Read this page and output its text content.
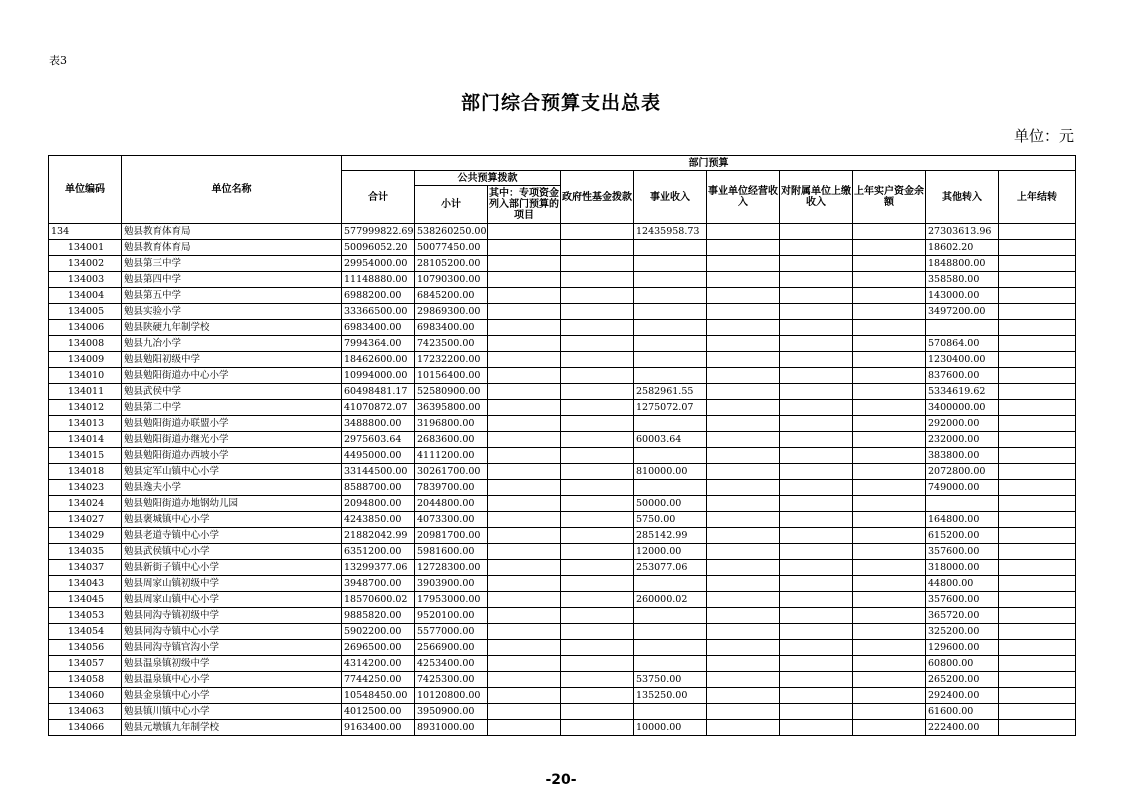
表3
部门综合预算支出总表
单位：元
单位编码	单位名称	部门预算									
		合计	公共预算拨款		政府性基金拨款	事业收入	事业单位经营收入	对附属单位上缴收入	上年实户资金余额	其他转入	上年结转
			小计	其中：专项资金列入部门预算的项目							
134	勉县教育体育局	577999822.69	538260250.00			12435958.73				27303613.96	
134001	勉县教育体育局	50096052.20	50077450.00							18602.20	
134002	勉县第三中学	29954000.00	28105200.00							1848800.00	
134003	勉县第四中学	11148880.00	10790300.00							358580.00	
134004	勉县第五中学	6988200.00	6845200.00							143000.00	
134005	勉县实验小学	33366500.00	29869300.00							3497200.00	
134006	勉县陕硬九年制学校	6983400.00	6983400.00								
134008	勉县九冶小学	7994364.00	7423500.00							570864.00	
134009	勉县勉阳初级中学	18462600.00	17232200.00							1230400.00	
134010	勉县勉阳街道办中心小学	10994000.00	10156400.00							837600.00	
134011	勉县武侯中学	60498481.17	52580900.00			2582961.55				5334619.62	
134012	勉县第二中学	41070872.07	36395800.00			1275072.07				3400000.00	
134013	勉县勉阳街道办联盟小学	3488800.00	3196800.00							292000.00	
134014	勉县勉阳街道办继光小学	2975603.64	2683600.00			60003.64				232000.00	
134015	勉县勉阳街道办西坡小学	4495000.00	4111200.00							383800.00	
134018	勉县定军山镇中心小学	33144500.00	30261700.00			810000.00				2072800.00	
134023	勉县逸夫小学	8588700.00	7839700.00							749000.00	
134024	勉县勉阳街道办地钢幼儿园	2094800.00	2044800.00			50000.00					
134027	勉县褒城镇中心小学	4243850.00	4073300.00			5750.00				164800.00	
134029	勉县老道寺镇中心小学	21882042.99	20981700.00			285142.99				615200.00	
134035	勉县武侯镇中心小学	6351200.00	5981600.00			12000.00				357600.00	
134037	勉县新街子镇中心小学	13299377.06	12728300.00			253077.06				318000.00	
134043	勉县周家山镇初级中学	3948700.00	3903900.00							44800.00	
134045	勉县周家山镇中心小学	18570600.02	17953000.00			260000.02				357600.00	
134053	勉县同沟寺镇初级中学	9885820.00	9520100.00							365720.00	
134054	勉县同沟寺镇中心小学	5902200.00	5577000.00							325200.00	
134056	勉县同沟寺镇官沟小学	2696500.00	2566900.00							129600.00	
134057	勉县温泉镇初级中学	4314200.00	4253400.00							60800.00	
134058	勉县温泉镇中心小学	7744250.00	7425300.00			53750.00				265200.00	
134060	勉县金泉镇中心小学	10548450.00	10120800.00			135250.00				292400.00	
134063	勉县镇川镇中心小学	4012500.00	3950900.00							61600.00	
134066	勉县元墩镇九年制学校	9163400.00	8931000.00			10000.00				222400.00	
-20-
